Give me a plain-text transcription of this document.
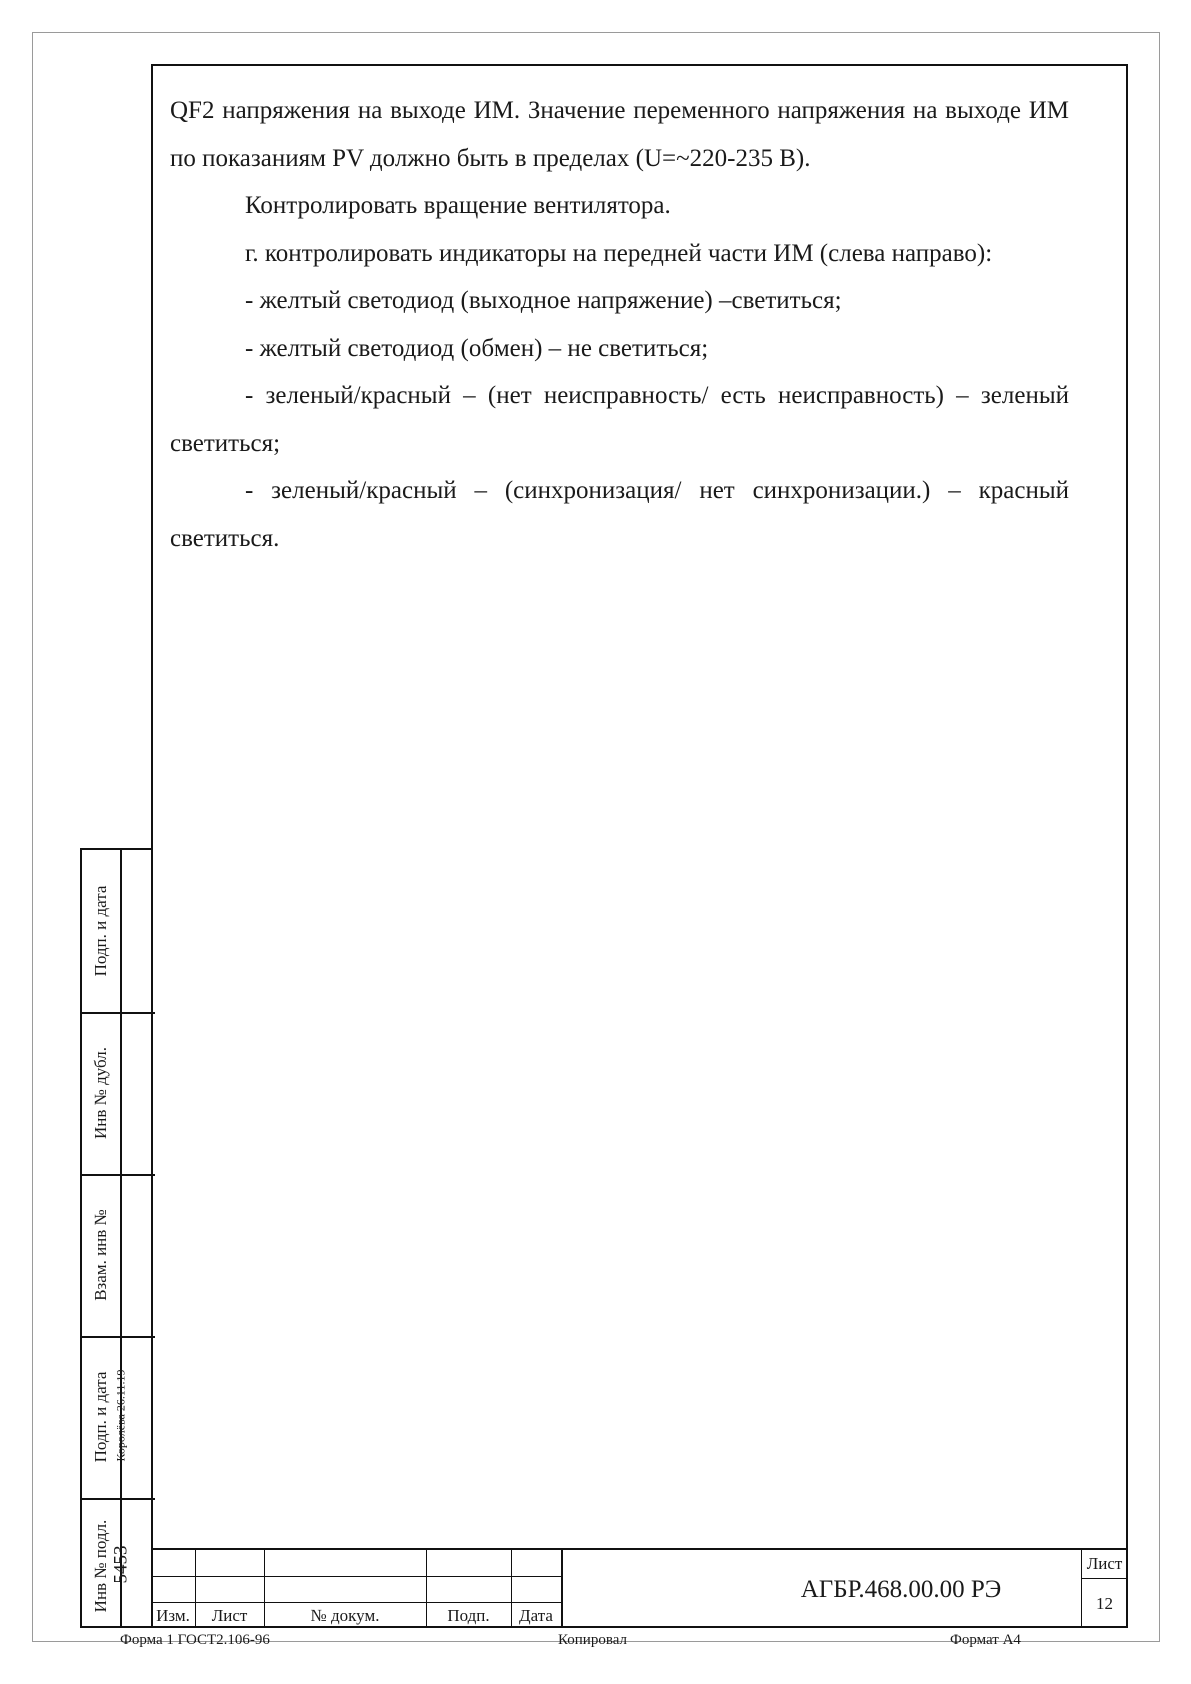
QF2 напряжения на выходе ИМ. Значение переменного напряжения на выходе ИМ по показаниям PV должно быть в пределах (U=~220-235 В).

Контролировать вращение вентилятора.

г. контролировать индикаторы на передней части ИМ (слева направо):

- желтый светодиод (выходное напряжение) –светиться;

- желтый светодиод (обмен) – не светиться;

- зеленый/красный – (нет неисправность/ есть неисправность) – зеленый светиться;

- зеленый/красный – (синхронизация/ нет синхронизации.) – красный светиться.

Подп. и дата
Инв № дубл.
Взам. инв №
Подп. и дата
Инв № подл.
Королёва 26.11.19
5453
Изм.	Лист	№ докум.	Подп.	Дата
АГБР.468.00.00 РЭ
Лист
12
Форма 1 ГОСТ2.106-96	Копировал	Формат А4
